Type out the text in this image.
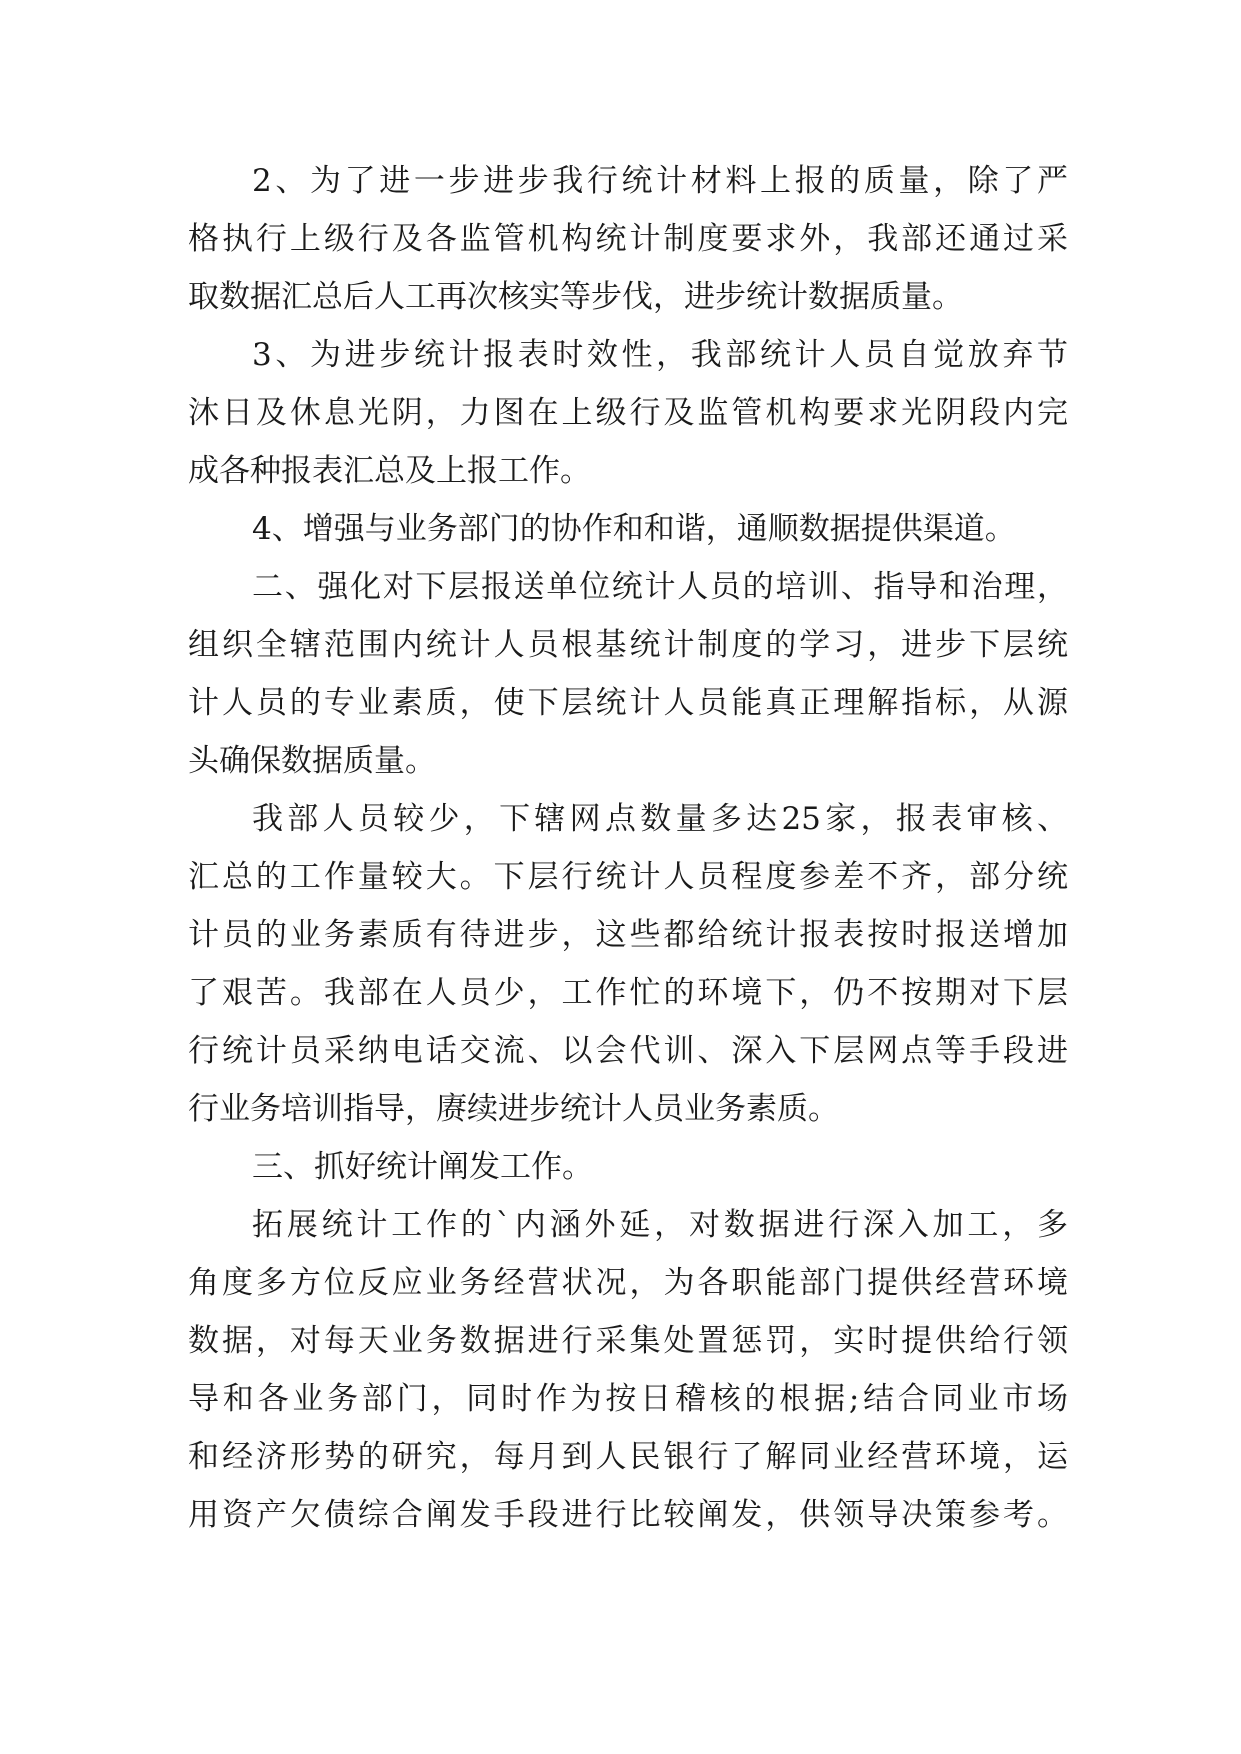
2、为了进一步进步我行统计材料上报的质量，除了严
格执行上级行及各监管机构统计制度要求外，我部还通过采
取数据汇总后人工再次核实等步伐，进步统计数据质量。
3、为进步统计报表时效性，我部统计人员自觉放弃节
沐日及休息光阴，力图在上级行及监管机构要求光阴段内完
成各种报表汇总及上报工作。
4、增强与业务部门的协作和和谐，通顺数据提供渠道。
二、强化对下层报送单位统计人员的培训、指导和治理，
组织全辖范围内统计人员根基统计制度的学习，进步下层统
计人员的专业素质，使下层统计人员能真正理解指标，从源
头确保数据质量。
我部人员较少，下辖网点数量多达25家，报表审核、
汇总的工作量较大。下层行统计人员程度参差不齐，部分统
计员的业务素质有待进步，这些都给统计报表按时报送增加
了艰苦。我部在人员少，工作忙的环境下，仍不按期对下层
行统计员采纳电话交流、以会代训、深入下层网点等手段进
行业务培训指导，赓续进步统计人员业务素质。
三、抓好统计阐发工作。
拓展统计工作的`内涵外延，对数据进行深入加工，多
角度多方位反应业务经营状况，为各职能部门提供经营环境
数据，对每天业务数据进行采集处置惩罚，实时提供给行领
导和各业务部门，同时作为按日稽核的根据;结合同业市场
和经济形势的研究，每月到人民银行了解同业经营环境，运
用资产欠债综合阐发手段进行比较阐发，供领导决策参考。
